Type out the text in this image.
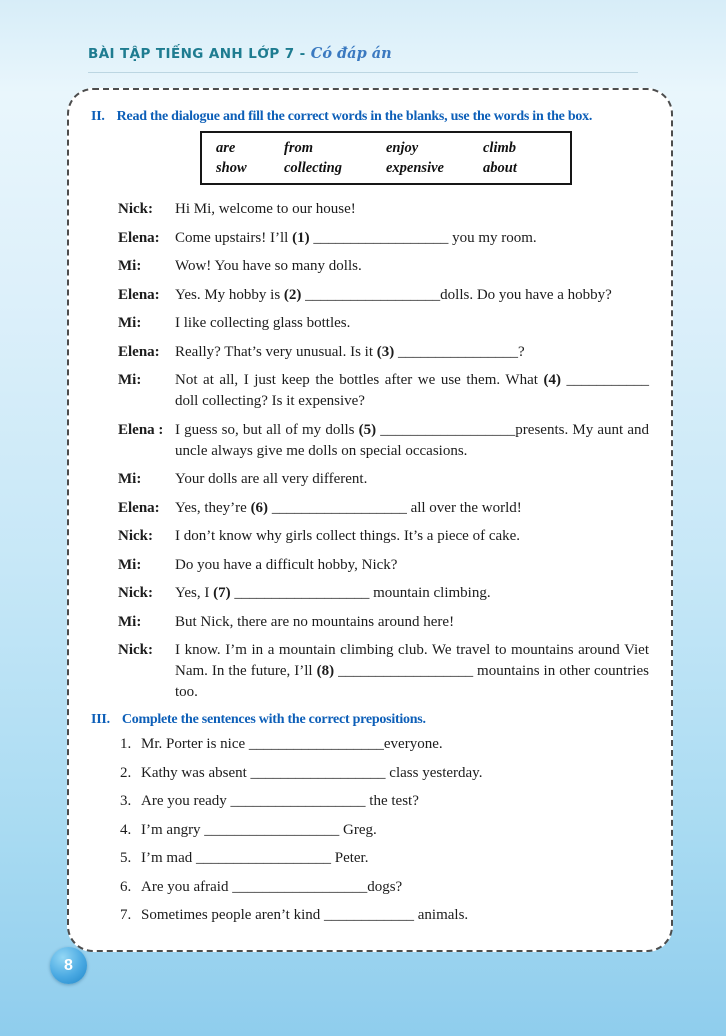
BÀI TẬP TIẾNG ANH LỚP 7 - Có đáp án
II. Read the dialogue and fill the correct words in the blanks, use the words in the box.
are	from	enjoy	climb
show	collecting	expensive	about
Nick:	Hi Mi, welcome to our house!
Elena:	Come upstairs! I’ll (1) __________________ you my room.
Mi:	Wow! You have so many dolls.
Elena:	Yes. My hobby is (2) __________________dolls. Do you have a hobby?
Mi:	I like collecting glass bottles.
Elena:	Really? That’s very unusual. Is it (3) ________________?
Mi:	Not at all, I just keep the bottles after we use them. What (4) ___________ doll collecting? Is it expensive?
Elena : I guess so, but all of my dolls (5) __________________presents. My aunt and uncle always give me dolls on special occasions.
Mi:	Your dolls are all very different.
Elena:	Yes, they’re (6) __________________ all over the world!
Nick:	I don’t know why girls collect things. It’s a piece of cake.
Mi:	Do you have a difficult hobby, Nick?
Nick:	Yes, I (7) __________________ mountain climbing.
Mi:	But Nick, there are no mountains around here!
Nick:	I know. I’m in a mountain climbing club. We travel to mountains around Viet Nam. In the future, I’ll (8) __________________ mountains in other countries too.
III. Complete the sentences with the correct prepositions.
1. Mr. Porter is nice __________________everyone.
2. Kathy was absent __________________ class yesterday.
3. Are you ready __________________ the test?
4. I’m angry __________________ Greg.
5. I’m mad __________________ Peter.
6. Are you afraid __________________dogs?
7. Sometimes people aren’t kind ____________ animals.
8
